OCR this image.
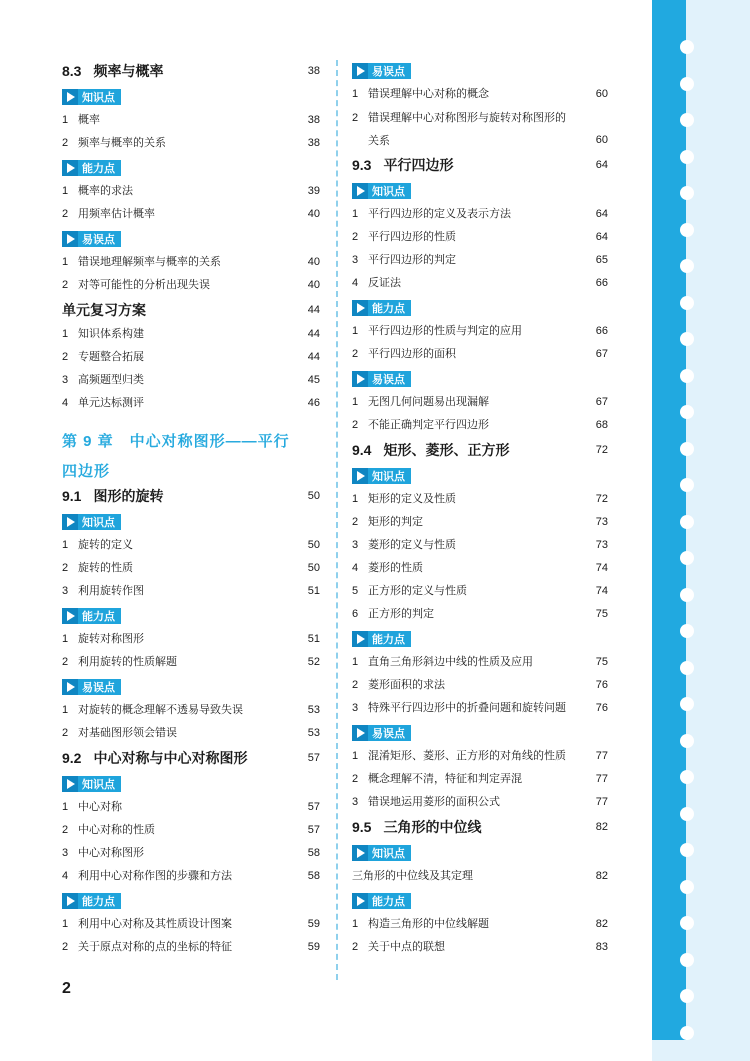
8.3 频率与概率	38
知识点
1 概率	38
2 频率与概率的关系	38
能力点
1 概率的求法	39
2 用频率估计概率	40
易误点
1 错误地理解频率与概率的关系	40
2 对等可能性的分析出现失误	40
单元复习方案	44
1 知识体系构建	44
2 专题整合拓展	44
3 高频题型归类	45
4 单元达标测评	46
第 9 章　中心对称图形——平行
四边形
9.1 图形的旋转	50
知识点
1 旋转的定义	50
2 旋转的性质	50
3 利用旋转作图	51
能力点
1 旋转对称图形	51
2 利用旋转的性质解题	52
易误点
1 对旋转的概念理解不透易导致失误	53
2 对基础图形领会错误	53
9.2 中心对称与中心对称图形	57
知识点
1 中心对称	57
2 中心对称的性质	57
3 中心对称图形	58
4 利用中心对称作图的步骤和方法	58
能力点
1 利用中心对称及其性质设计图案	59
2 关于原点对称的点的坐标的特征	59
易误点
1 错误理解中心对称的概念	60
2 错误理解中心对称图形与旋转对称图形的
关系	60
9.3 平行四边形	64
知识点
1 平行四边形的定义及表示方法	64
2 平行四边形的性质	64
3 平行四边形的判定	65
4 反证法	66
能力点
1 平行四边形的性质与判定的应用	66
2 平行四边形的面积	67
易误点
1 无图几何问题易出现漏解	67
2 不能正确判定平行四边形	68
9.4 矩形、菱形、正方形	72
知识点
1 矩形的定义及性质	72
2 矩形的判定	73
3 菱形的定义与性质	73
4 菱形的性质	74
5 正方形的定义与性质	74
6 正方形的判定	75
能力点
1 直角三角形斜边中线的性质及应用	75
2 菱形面积的求法	76
3 特殊平行四边形中的折叠问题和旋转问题	76
易误点
1 混淆矩形、菱形、正方形的对角线的性质	77
2 概念理解不清，特征和判定弄混	77
3 错误地运用菱形的面积公式	77
9.5 三角形的中位线	82
知识点
三角形的中位线及其定理	82
能力点
1 构造三角形的中位线解题	82
2 关于中点的联想	83
2
